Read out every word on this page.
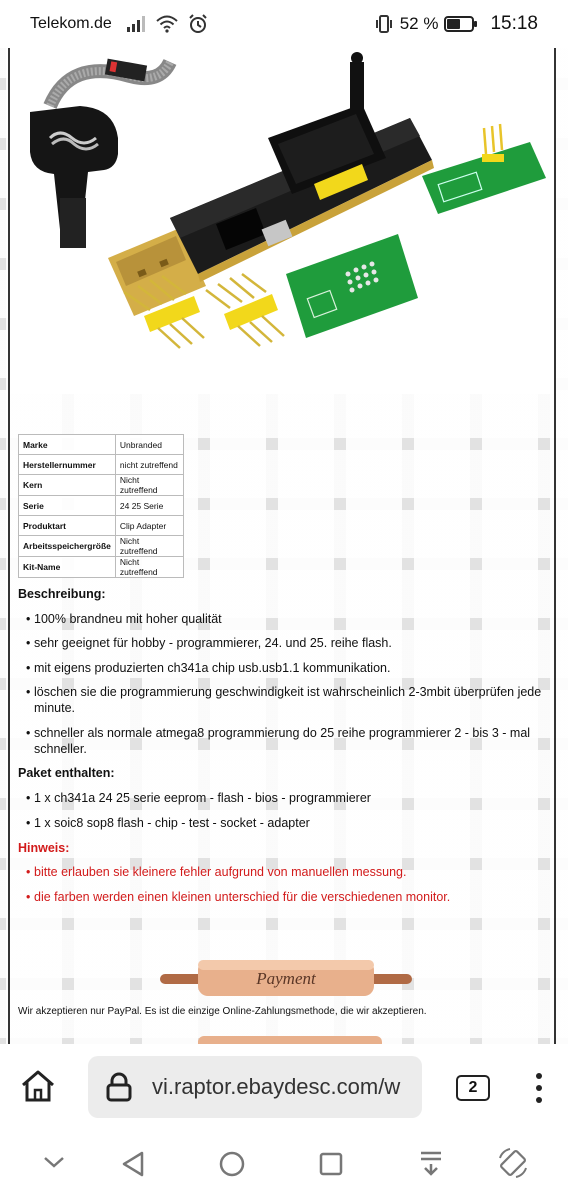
Telekom.de	52 %	15:18
Marke	Unbranded
Herstellernummer	nicht zutreffend
Kern	Nicht zutreffend
Serie	24 25 Serie
Produktart	Clip Adapter
Arbeitsspeichergröße	Nicht zutreffend
Kit-Name	Nicht zutreffend
Beschreibung:
• 100% brandneu mit hoher qualität
• sehr geeignet für hobby - programmierer, 24. und 25. reihe flash.
• mit eigens produzierten ch341a chip usb.usb1.1 kommunikation.
• löschen sie die programmierung geschwindigkeit ist wahrscheinlich 2-3mbit überprüfen jede minute.
• schneller als normale atmega8 programmierung do 25 reihe programmierer 2 - bis 3 - mal schneller.
Paket enthalten:
• 1 x ch341a 24 25 serie eeprom - flash - bios - programmierer
• 1 x soic8 sop8 flash - chip - test - socket - adapter
Hinweis:
• bitte erlauben sie kleinere fehler aufgrund von manuellen messung.
• die farben werden einen kleinen unterschied für die verschiedenen monitor.
Payment
Wir akzeptieren nur PayPal. Es ist die einzige Online-Zahlungsmethode, die wir akzeptieren.
vi.raptor.ebaydesc.com/w	2
